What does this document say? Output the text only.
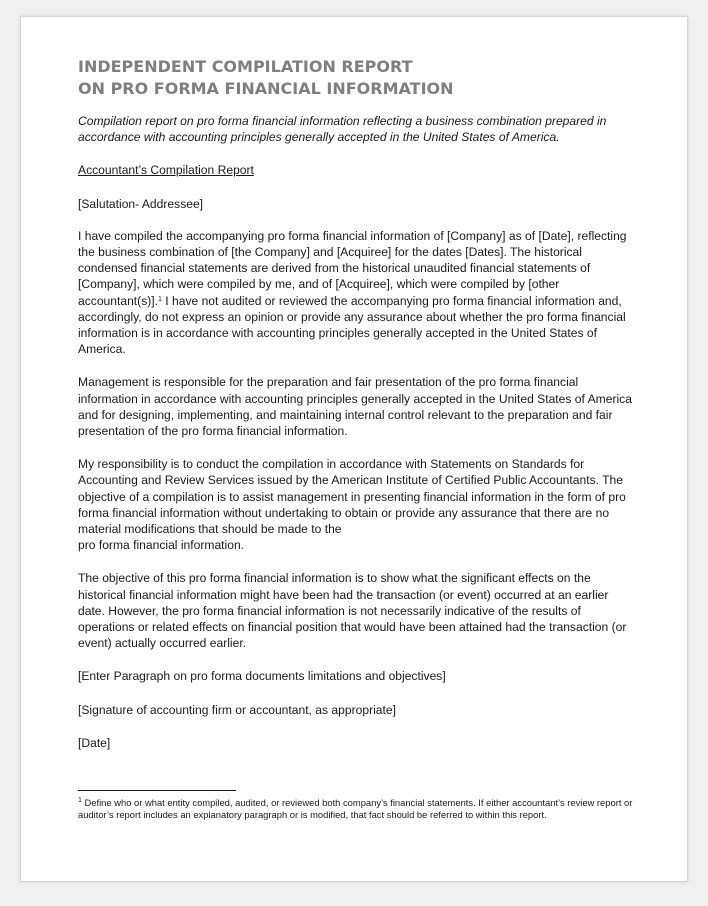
INDEPENDENT COMPILATION REPORT
ON PRO FORMA FINANCIAL INFORMATION

Compilation report on pro forma financial information reflecting a business combination prepared in accordance with accounting principles generally accepted in the United States of America.

Accountant’s Compilation Report

[Salutation- Addressee]

I have compiled the accompanying pro forma financial information of [Company] as of [Date], reflecting the business combination of [the Company] and [Acquiree] for the dates [Dates]. The historical condensed financial statements are derived from the historical unaudited financial statements of [Company], which were compiled by me, and of [Acquiree], which were compiled by [other accountant(s)].$^1$ I have not audited or reviewed the accompanying pro forma financial information and, accordingly, do not express an opinion or provide any assurance about whether the pro forma financial information is in accordance with accounting principles generally accepted in the United States of America.

Management is responsible for the preparation and fair presentation of the pro forma financial information in accordance with accounting principles generally accepted in the United States of America and for designing, implementing, and maintaining internal control relevant to the preparation and fair presentation of the pro forma financial information.

My responsibility is to conduct the compilation in accordance with Statements on Standards for Accounting and Review Services issued by the American Institute of Certified Public Accountants. The objective of a compilation is to assist management in presenting financial information in the form of pro forma financial information without undertaking to obtain or provide any assurance that there are no material modifications that should be made to the
pro forma financial information.

The objective of this pro forma financial information is to show what the significant effects on the historical financial information might have been had the transaction (or event) occurred at an earlier date. However, the pro forma financial information is not necessarily indicative of the results of operations or related effects on financial position that would have been attained had the transaction (or event) actually occurred earlier.

[Enter Paragraph on pro forma documents limitations and objectives]

[Signature of accounting firm or accountant, as appropriate]

[Date]

$^1$ Define who or what entity compiled, audited, or reviewed both company’s financial statements. If either accountant’s review report or auditor’s report includes an explanatory paragraph or is modified, that fact should be referred to within this report.
